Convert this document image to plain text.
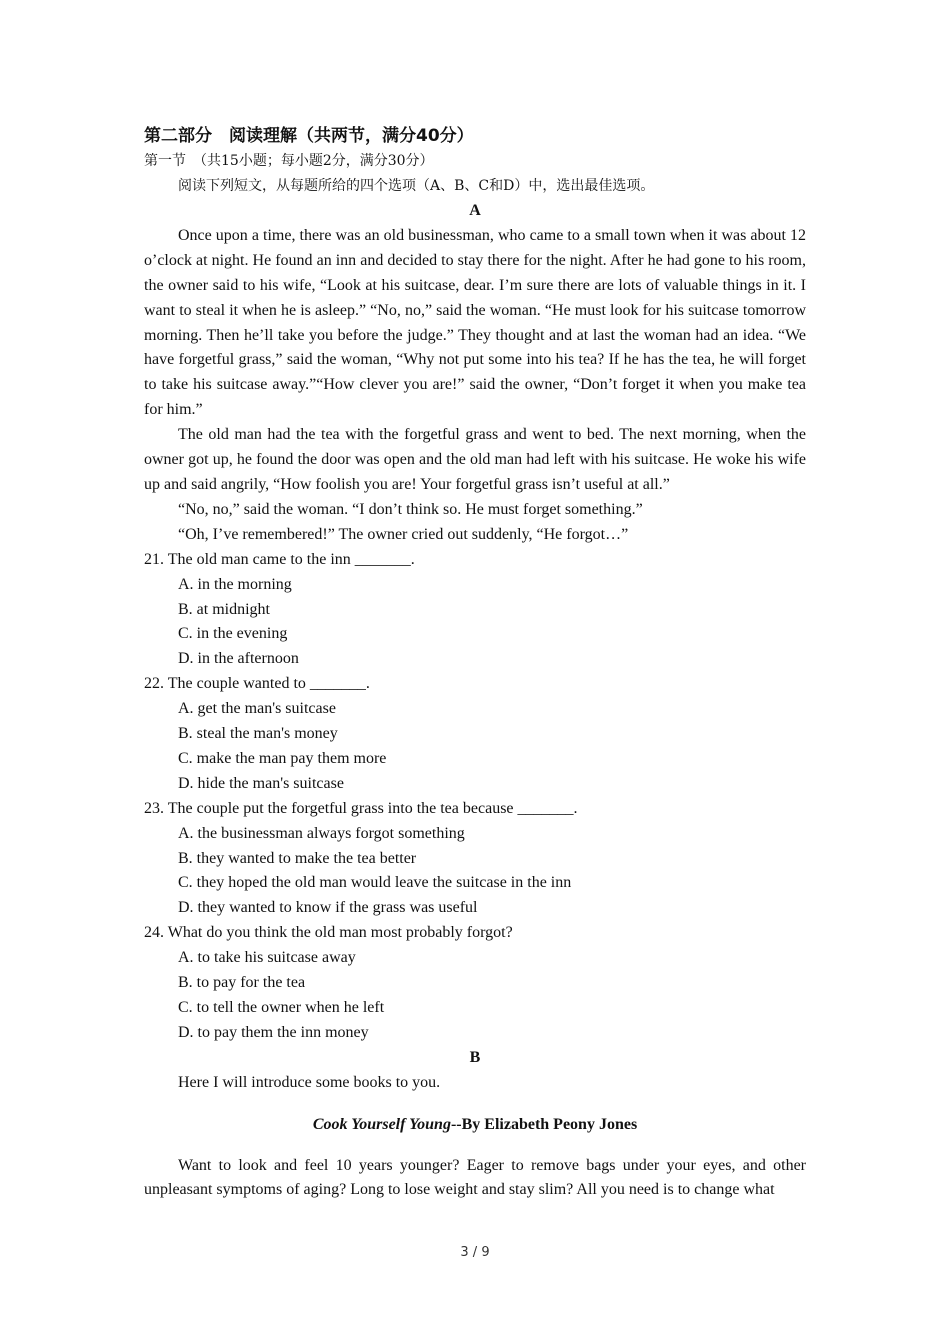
第二部分　阅读理解（共两节，满分40分）

第一节　（共15小题；每小题2分，满分30分）

阅读下列短文，从每题所给的四个选项（A、B、C和D）中，选出最佳选项。

A

Once upon a time, there was an old businessman, who came to a small town when it was about 12 o’clock at night. He found an inn and decided to stay there for the night. After he had gone to his room, the owner said to his wife, “Look at his suitcase, dear. I’m sure there are lots of valuable things in it. I want to steal it when he is asleep.” “No, no,” said the woman. “He must look for his suitcase tomorrow morning. Then he’ll take you before the judge.” They thought and at last the woman had an idea. “We have forgetful grass,” said the woman, “Why not put some into his tea? If he has the tea, he will forget to take his suitcase away.”“How clever you are!” said the owner, “Don’t forget it when you make tea for him.”

The old man had the tea with the forgetful grass and went to bed. The next morning, when the owner got up, he found the door was open and the old man had left with his suitcase. He woke his wife up and said angrily, “How foolish you are! Your forgetful grass isn’t useful at all.”

“No, no,” said the woman. “I don’t think so. He must forget something.”

“Oh, I’ve remembered!” The owner cried out suddenly, “He forgot…”

21. The old man came to the inn _______.

A. in the morning

B. at midnight

C. in the evening

D. in the afternoon

22. The couple wanted to _______.

A. get the man's suitcase

B. steal the man's money

C. make the man pay them more

D. hide the man's suitcase

23. The couple put the forgetful grass into the tea because _______.

A. the businessman always forgot something

B. they wanted to make the tea better

C. they hoped the old man would leave the suitcase in the inn

D. they wanted to know if the grass was useful

24. What do you think the old man most probably forgot?

A. to take his suitcase away

B. to pay for the tea

C. to tell the owner when he left

D. to pay them the inn money

B

Here I will introduce some books to you.

Cook Yourself Young--By Elizabeth Peony Jones

Want to look and feel 10 years younger? Eager to remove bags under your eyes, and other unpleasant symptoms of aging? Long to lose weight and stay slim? All you need is to change what

3 / 9
